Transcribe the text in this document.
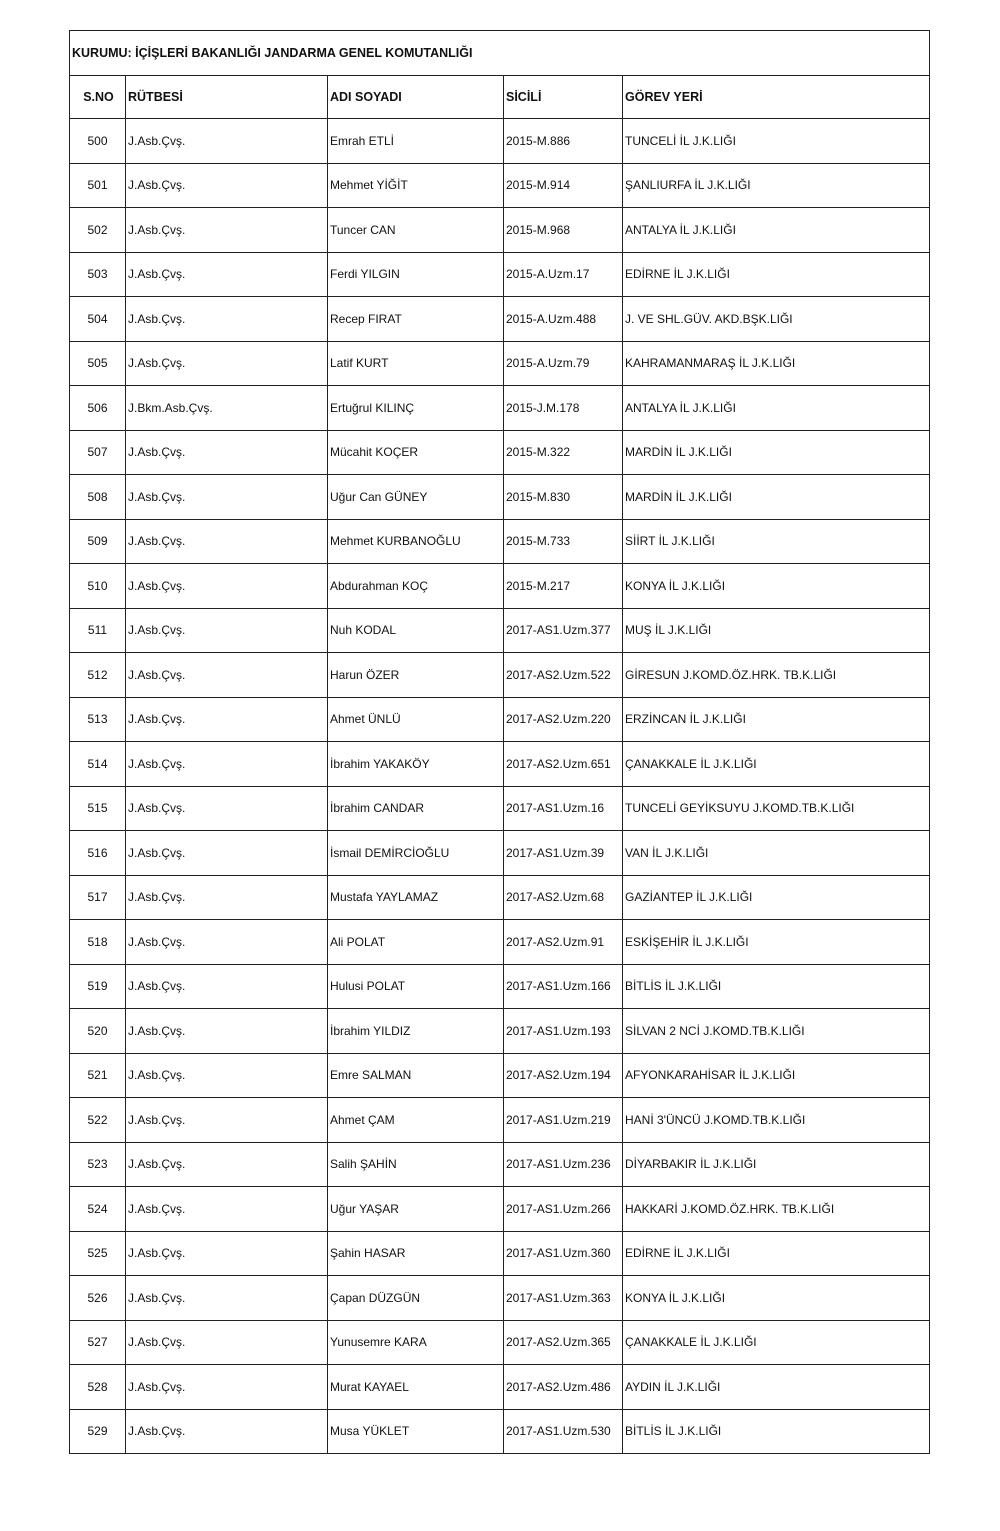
KURUMU: İÇİŞLERİ BAKANLIĞI JANDARMA GENEL KOMUTANLIĞI				
S.NO	RÜTBESİ	ADI SOYADI	SİCİLİ	GÖREV YERİ
500	J.Asb.Çvş.	Emrah ETLİ	2015-M.886	TUNCELİ İL J.K.LIĞI
501	J.Asb.Çvş.	Mehmet YİĞİT	2015-M.914	ŞANLIURFA İL J.K.LIĞI
502	J.Asb.Çvş.	Tuncer CAN	2015-M.968	ANTALYA İL J.K.LIĞI
503	J.Asb.Çvş.	Ferdi YILGIN	2015-A.Uzm.17	EDİRNE İL J.K.LIĞI
504	J.Asb.Çvş.	Recep FIRAT	2015-A.Uzm.488	J. VE SHL.GÜV. AKD.BŞK.LIĞI
505	J.Asb.Çvş.	Latif KURT	2015-A.Uzm.79	KAHRAMANMARAŞ İL J.K.LIĞI
506	J.Bkm.Asb.Çvş.	Ertuğrul KILINÇ	2015-J.M.178	ANTALYA İL J.K.LIĞI
507	J.Asb.Çvş.	Mücahit KOÇER	2015-M.322	MARDİN İL J.K.LIĞI
508	J.Asb.Çvş.	Uğur Can GÜNEY	2015-M.830	MARDİN İL J.K.LIĞI
509	J.Asb.Çvş.	Mehmet KURBANOĞLU	2015-M.733	SİİRT İL J.K.LIĞI
510	J.Asb.Çvş.	Abdurahman KOÇ	2015-M.217	KONYA İL J.K.LIĞI
511	J.Asb.Çvş.	Nuh KODAL	2017-AS1.Uzm.377	MUŞ İL J.K.LIĞI
512	J.Asb.Çvş.	Harun ÖZER	2017-AS2.Uzm.522	GİRESUN J.KOMD.ÖZ.HRK. TB.K.LIĞI
513	J.Asb.Çvş.	Ahmet ÜNLÜ	2017-AS2.Uzm.220	ERZİNCAN İL J.K.LIĞI
514	J.Asb.Çvş.	İbrahim YAKAKÖY	2017-AS2.Uzm.651	ÇANAKKALE İL J.K.LIĞI
515	J.Asb.Çvş.	İbrahim CANDAR	2017-AS1.Uzm.16	TUNCELİ GEYİKSUYU J.KOMD.TB.K.LIĞI
516	J.Asb.Çvş.	İsmail DEMİRCİOĞLU	2017-AS1.Uzm.39	VAN İL J.K.LIĞI
517	J.Asb.Çvş.	Mustafa YAYLAMAZ	2017-AS2.Uzm.68	GAZİANTEP İL J.K.LIĞI
518	J.Asb.Çvş.	Ali POLAT	2017-AS2.Uzm.91	ESKİŞEHİR İL J.K.LIĞI
519	J.Asb.Çvş.	Hulusi POLAT	2017-AS1.Uzm.166	BİTLİS İL J.K.LIĞI
520	J.Asb.Çvş.	İbrahim YILDIZ	2017-AS1.Uzm.193	SİLVAN 2 NCİ J.KOMD.TB.K.LIĞI
521	J.Asb.Çvş.	Emre SALMAN	2017-AS2.Uzm.194	AFYONKARAHİSAR İL J.K.LIĞI
522	J.Asb.Çvş.	Ahmet ÇAM	2017-AS1.Uzm.219	HANİ 3'ÜNCÜ J.KOMD.TB.K.LIĞI
523	J.Asb.Çvş.	Salih ŞAHİN	2017-AS1.Uzm.236	DİYARBAKIR İL J.K.LIĞI
524	J.Asb.Çvş.	Uğur YAŞAR	2017-AS1.Uzm.266	HAKKARİ J.KOMD.ÖZ.HRK. TB.K.LIĞI
525	J.Asb.Çvş.	Şahin HASAR	2017-AS1.Uzm.360	EDİRNE İL J.K.LIĞI
526	J.Asb.Çvş.	Çapan DÜZGÜN	2017-AS1.Uzm.363	KONYA İL J.K.LIĞI
527	J.Asb.Çvş.	Yunusemre KARA	2017-AS2.Uzm.365	ÇANAKKALE İL J.K.LIĞI
528	J.Asb.Çvş.	Murat KAYAEL	2017-AS2.Uzm.486	AYDIN İL J.K.LIĞI
529	J.Asb.Çvş.	Musa YÜKLET	2017-AS1.Uzm.530	BİTLİS İL J.K.LIĞI
